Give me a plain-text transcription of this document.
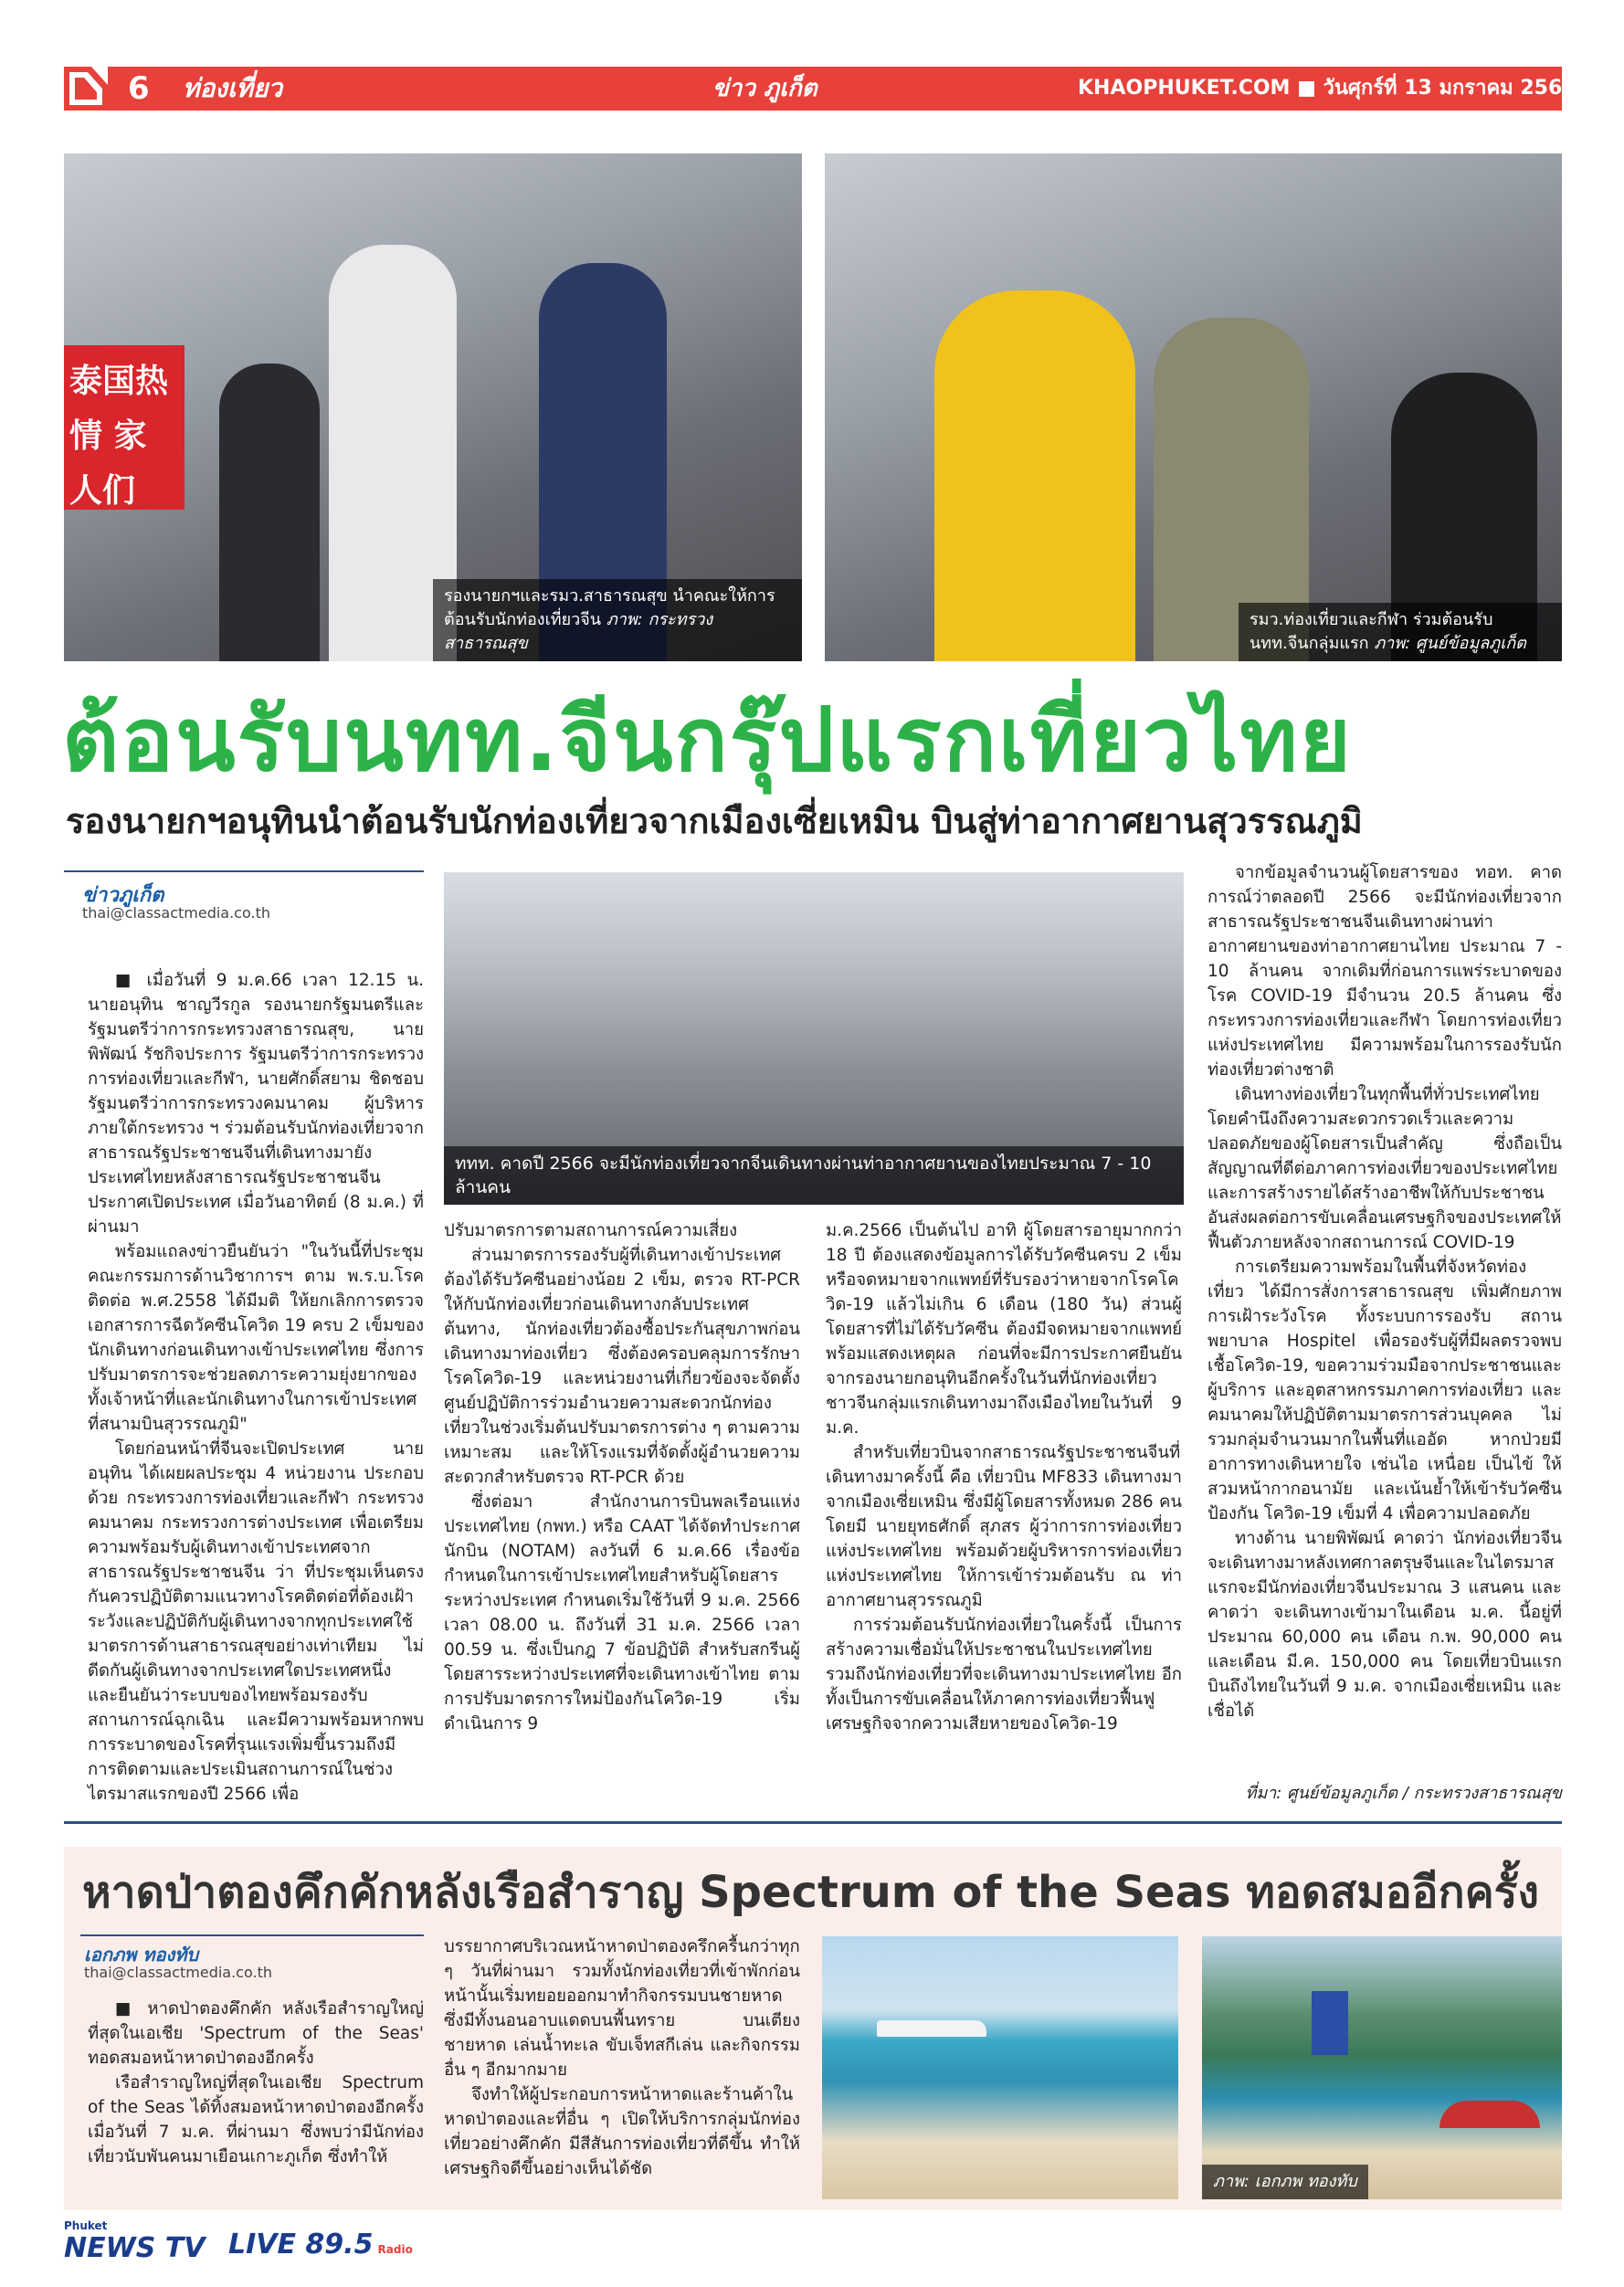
6 ท่องเที่ยว	ข่าว ภูเก็ต	KHAOPHUKET.COM ■ วันศุกร์ที่ 13 มกราคม 2566
泰国热情 家人们
รองนายกฯและรมว.สาธารณสุข นำคณะให้การ
ต้อนรับนักท่องเที่ยวจีน ภาพ: กระทรวงสาธารณสุข
รมว.ท่องเที่ยวและกีฬา ร่วมต้อนรับ
นทท.จีนกลุ่มแรก ภาพ: ศูนย์ข้อมูลภูเก็ต
ต้อนรับนทท.จีนกรุ๊ปแรกเที่ยวไทย
รองนายกฯอนุทินนำต้อนรับนักท่องเที่ยวจากเมืองเซี่ยเหมิน บินสู่ท่าอากาศยานสุวรรณภูมิ
ข่าวภูเก็ต
thai@classactmedia.co.th
ททท. คาดปี 2566 จะมีนักท่องเที่ยวจากจีนเดินทางผ่านท่าอากาศยานของไทยประมาณ 7 - 10 ล้านคน

■ เมื่อวันที่ 9 ม.ค.66 เวลา 12.15 น. นายอนุทิน ชาญวีรกูล รองนายกรัฐมนตรีและรัฐมนตรีว่าการกระทรวงสาธารณสุข, นายพิพัฒน์ รัชกิจประการ รัฐมนตรีว่าการกระทรวงการท่องเที่ยวและกีฬา, นายศักดิ์สยาม ชิดชอบ รัฐมนตรีว่าการกระทรวงคมนาคม ผู้บริหารภายใต้กระทรวง ฯ ร่วมต้อนรับนักท่องเที่ยวจากสาธารณรัฐประชาชนจีนที่เดินทางมายังประเทศไทยหลังสาธารณรัฐประชาชนจีนประกาศเปิดประเทศ เมื่อวันอาทิตย์ (8 ม.ค.) ที่ผ่านมา

พร้อมแถลงข่าวยืนยันว่า "ในวันนี้ที่ประชุมคณะกรรมการด้านวิชาการฯ ตาม พ.ร.บ.โรคติดต่อ พ.ศ.2558 ได้มีมติ ให้ยกเลิกการตรวจเอกสารการฉีดวัคซีนโควิด 19 ครบ 2 เข็มของนักเดินทางก่อนเดินทางเข้าประเทศไทย ซึ่งการปรับมาตรการจะช่วยลดภาระความยุ่งยากของทั้งเจ้าหน้าที่และนักเดินทางในการเข้าประเทศที่สนามบินสุวรรณภูมิ"

โดยก่อนหน้าที่จีนจะเปิดประเทศ นายอนุทิน ได้เผยผลประชุม 4 หน่วยงาน ประกอบด้วย กระทรวงการท่องเที่ยวและกีฬา กระทรวงคมนาคม กระทรวงการต่างประเทศ เพื่อเตรียมความพร้อมรับผู้เดินทางเข้าประเทศจากสาธารณรัฐประชาชนจีน ว่า ที่ประชุมเห็นตรงกันควรปฏิบัติตามแนวทางโรคติดต่อที่ต้องเฝ้าระวังและปฏิบัติกับผู้เดินทางจากทุกประเทศใช้มาตรการด้านสาธารณสุขอย่างเท่าเทียม ไม่ดีดกันผู้เดินทางจากประเทศใดประเทศหนึ่ง และยืนยันว่าระบบของไทยพร้อมรองรับสถานการณ์ฉุกเฉิน และมีความพร้อมหากพบการระบาดของโรคที่รุนแรงเพิ่มขึ้นรวมถึงมีการติดตามและประเมินสถานการณ์ในช่วงไตรมาสแรกของปี 2566 เพื่อ

ปรับมาตรการตามสถานการณ์ความเสี่ยง

ส่วนมาตรการรองรับผู้ที่เดินทางเข้าประเทศต้องได้รับวัคซีนอย่างน้อย 2 เข็ม, ตรวจ RT-PCR ให้กับนักท่องเที่ยวก่อนเดินทางกลับประเทศต้นทาง, นักท่องเที่ยวต้องซื้อประกันสุขภาพก่อนเดินทางมาท่องเที่ยว ซึ่งต้องครอบคลุมการรักษาโรคโควิด-19 และหน่วยงานที่เกี่ยวข้องจะจัดตั้งศูนย์ปฏิบัติการร่วมอำนวยความสะดวกนักท่องเที่ยวในช่วงเริ่มต้นปรับมาตรการต่าง ๆ ตามความเหมาะสม และให้โรงแรมที่จัดตั้งผู้อำนวยความสะดวกสำหรับตรวจ RT-PCR ด้วย

ซึ่งต่อมา สำนักงานการบินพลเรือนแห่งประเทศไทย (กพท.) หรือ CAAT ได้จัดทำประกาศนักบิน (NOTAM) ลงวันที่ 6 ม.ค.66 เรื่องข้อกำหนดในการเข้าประเทศไทยสำหรับผู้โดยสารระหว่างประเทศ กำหนดเริ่มใช้วันที่ 9 ม.ค. 2566 เวลา 08.00 น. ถึงวันที่ 31 ม.ค. 2566 เวลา 00.59 น. ซึ่งเป็นกฎ 7 ข้อปฏิบัติ สำหรับสกรีนผู้โดยสารระหว่างประเทศที่จะเดินทางเข้าไทย ตามการปรับมาตรการใหม่ป้องกันโควิด-19 เริ่มดำเนินการ 9

ม.ค.2566 เป็นต้นไป อาทิ ผู้โดยสารอายุมากกว่า 18 ปี ต้องแสดงข้อมูลการได้รับวัคซีนครบ 2 เข็ม หรือจดหมายจากแพทย์ที่รับรองว่าหายจากโรคโควิด-19 แล้วไม่เกิน 6 เดือน (180 วัน) ส่วนผู้โดยสารที่ไม่ได้รับวัคซีน ต้องมีจดหมายจากแพทย์พร้อมแสดงเหตุผล ก่อนที่จะมีการประกาศยืนยันจากรองนายกอนุทินอีกครั้งในวันที่นักท่องเที่ยวชาวจีนกลุ่มแรกเดินทางมาถึงเมืองไทยในวันที่ 9 ม.ค.

สำหรับเที่ยวบินจากสาธารณรัฐประชาชนจีนที่เดินทางมาครั้งนี้ คือ เที่ยวบิน MF833 เดินทางมาจากเมืองเซี่ยเหมิน ซึ่งมีผู้โดยสารทั้งหมด 286 คน โดยมี นายยุทธศักดิ์ สุภสร ผู้ว่าการการท่องเที่ยวแห่งประเทศไทย พร้อมด้วยผู้บริหารการท่องเที่ยวแห่งประเทศไทย ให้การเข้าร่วมต้อนรับ ณ ท่าอากาศยานสุวรรณภูมิ

การร่วมต้อนรับนักท่องเที่ยวในครั้งนี้ เป็นการสร้างความเชื่อมั่นให้ประชาชนในประเทศไทย รวมถึงนักท่องเที่ยวที่จะเดินทางมาประเทศไทย อีกทั้งเป็นการขับเคลื่อนให้ภาคการท่องเที่ยวฟื้นฟูเศรษฐกิจจากความเสียหายของโควิด-19

จากข้อมูลจำนวนผู้โดยสารของ ทอท. คาดการณ์ว่าตลอดปี 2566 จะมีนักท่องเที่ยวจากสาธารณรัฐประชาชนจีนเดินทางผ่านท่าอากาศยานของท่าอากาศยานไทย ประมาณ 7 - 10 ล้านคน จากเดิมที่ก่อนการแพร่ระบาดของโรค COVID-19 มีจำนวน 20.5 ล้านคน ซึ่งกระทรวงการท่องเที่ยวและกีฬา โดยการท่องเที่ยวแห่งประเทศไทย มีความพร้อมในการรองรับนักท่องเที่ยวต่างชาติ

เดินทางท่องเที่ยวในทุกพื้นที่ทั่วประเทศไทย โดยคำนึงถึงความสะดวกรวดเร็วและความปลอดภัยของผู้โดยสารเป็นสำคัญ ซึ่งถือเป็นสัญญาณที่ดีต่อภาคการท่องเที่ยวของประเทศไทย และการสร้างรายได้สร้างอาชีพให้กับประชาชน อันส่งผลต่อการขับเคลื่อนเศรษฐกิจของประเทศให้ฟื้นตัวภายหลังจากสถานการณ์ COVID-19

การเตรียมความพร้อมในพื้นที่จังหวัดท่องเที่ยว ได้มีการสั่งการสาธารณสุข เพิ่มศักยภาพการเฝ้าระวังโรค ทั้งระบบการรองรับ สถานพยาบาล Hospitel เพื่อรองรับผู้ที่มีผลตรวจพบเชื้อโควิด-19, ขอความร่วมมือจากประชาชนและผู้บริการ และอุตสาหกรรมภาคการท่องเที่ยว และคมนาคมให้ปฏิบัติตามมาตรการส่วนบุคคล ไม่รวมกลุ่มจำนวนมากในพื้นที่แออัด หากป่วยมีอาการทางเดินหายใจ เช่นไอ เหนื่อย เป็นไข้ ให้สวมหน้ากากอนามัย และเน้นย้ำให้เข้ารับวัคซีนป้องกัน โควิด-19 เข็มที่ 4 เพื่อความปลอดภัย

ทางด้าน นายพิพัฒน์ คาดว่า นักท่องเที่ยวจีนจะเดินทางมาหลังเทศกาลตรุษจีนและในไตรมาสแรกจะมีนักท่องเที่ยวจีนประมาณ 3 แสนคน และคาดว่า จะเดินทางเข้ามาในเดือน ม.ค. นี้อยู่ที่ประมาณ 60,000 คน เดือน ก.พ. 90,000 คนและเดือน มี.ค. 150,000 คน โดยเที่ยวบินแรกบินถึงไทยในวันที่ 9 ม.ค. จากเมืองเซี่ยเหมิน และเชื่อได้

ที่มา: ศูนย์ข้อมูลภูเก็ต / กระทรวงสาธารณสุข
หาดป่าตองคึกคักหลังเรือสำราญ Spectrum of the Seas ทอดสมออีกครั้ง
เอกภพ ทองทับ
thai@classactmedia.co.th

■ หาดป่าตองคึกคัก หลังเรือสำราญใหญ่ที่สุดในเอเชีย 'Spectrum of the Seas' ทอดสมอหน้าหาดป่าตองอีกครั้ง

เรือสำราญใหญ่ที่สุดในเอเชีย Spectrum of the Seas ได้ทิ้งสมอหน้าหาดป่าตองอีกครั้งเมื่อวันที่ 7 ม.ค. ที่ผ่านมา ซึ่งพบว่ามีนักท่องเที่ยวนับพันคนมาเยือนเกาะภูเก็ต ซึ่งทำให้

บรรยากาศบริเวณหน้าหาดป่าตองครึกครื้นกว่าทุก ๆ วันที่ผ่านมา รวมทั้งนักท่องเที่ยวที่เข้าพักก่อนหน้านั้นเริ่มทยอยออกมาทำกิจกรรมบนชายหาด ซึ่งมีทั้งนอนอาบแดดบนพื้นทราย บนเตียงชายหาด เล่นน้ำทะเล ขับเจ็ทสกีเล่น และกิจกรรมอื่น ๆ อีกมากมาย

จึงทำให้ผู้ประกอบการหน้าหาดและร้านค้าในหาดป่าตองและที่อื่น ๆ เปิดให้บริการกลุ่มนักท่องเที่ยวอย่างคึกคัก มีสีสันการท่องเที่ยวที่ดีขึ้น ทำให้เศรษฐกิจดีขึ้นอย่างเห็นได้ชัด

ภาพ: เอกภพ ทองทับ
Phuket
NEWS TV LIVE 89.5 Radio
